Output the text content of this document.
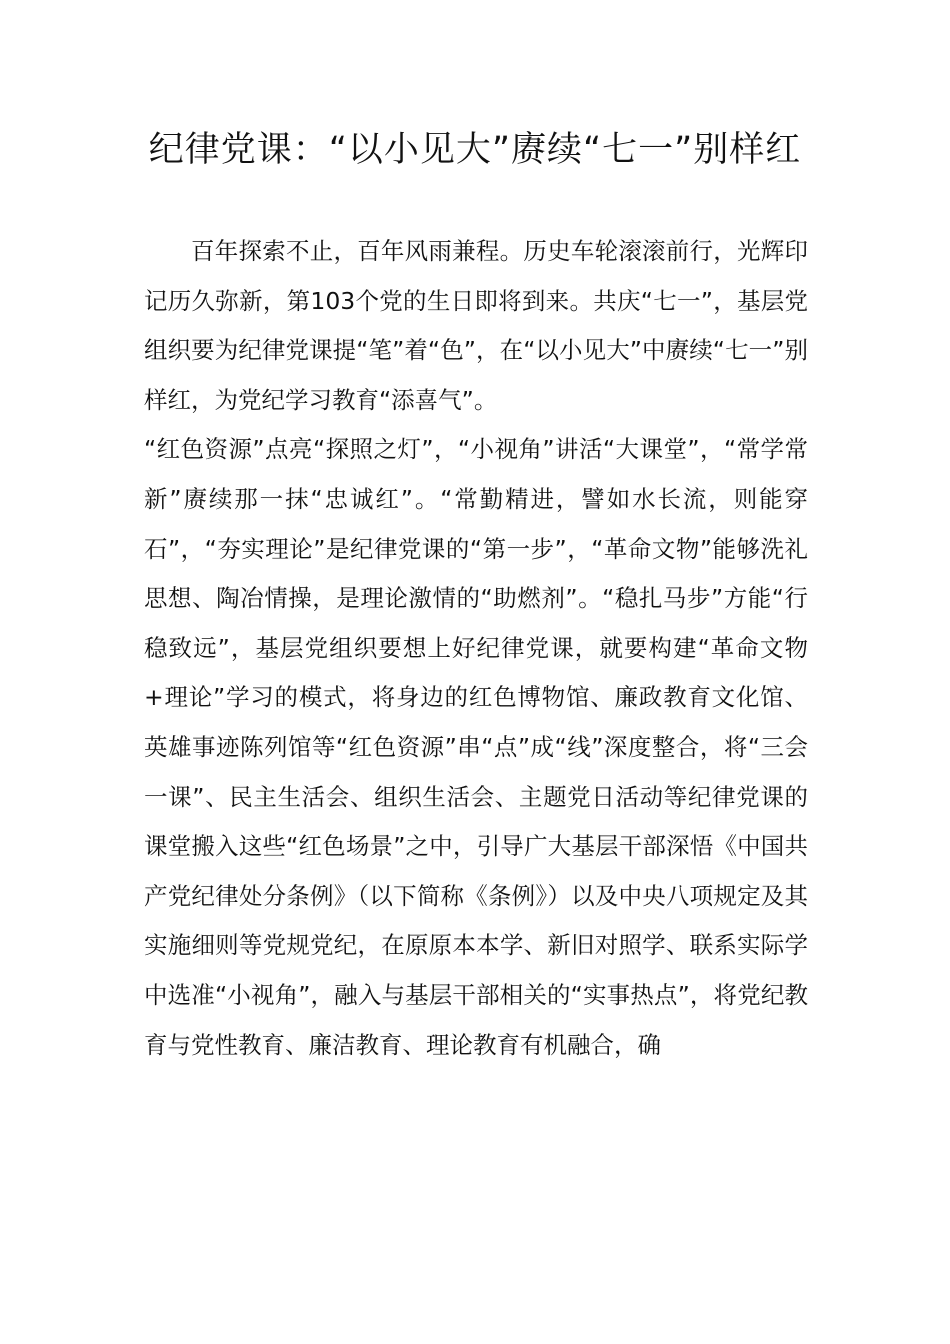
纪律党课：“以小见大”赓续“七一”别样红

百年探索不止，百年风雨兼程。历史车轮滚滚前行，光辉印记历久弥新，第103个党的生日即将到来。共庆“七一”，基层党组织要为纪律党课提“笔”着“色”，在“以小见大”中赓续“七一”别样红，为党纪学习教育“添喜气”。

“红色资源”点亮“探照之灯”，“小视角”讲活“大课堂”，“常学常新”赓续那一抹“忠诚红”。“常勤精进，譬如水长流，则能穿石”，“夯实理论”是纪律党课的“第一步”，“革命文物”能够洗礼思想、陶冶情操，是理论激情的“助燃剂”。“稳扎马步”方能“行稳致远”，基层党组织要想上好纪律党课，就要构建“革命文物+理论”学习的模式，将身边的红色博物馆、廉政教育文化馆、英雄事迹陈列馆等“红色资源”串“点”成“线”深度整合，将“三会一课”、民主生活会、组织生活会、主题党日活动等纪律党课的课堂搬入这些“红色场景”之中，引导广大基层干部深悟《中国共产党纪律处分条例》（以下简称《条例》）以及中央八项规定及其实施细则等党规党纪，在原原本本学、新旧对照学、联系实际学中选准“小视角”，融入与基层干部相关的“实事热点”，将党纪教育与党性教育、廉洁教育、理论教育有机融合，确
